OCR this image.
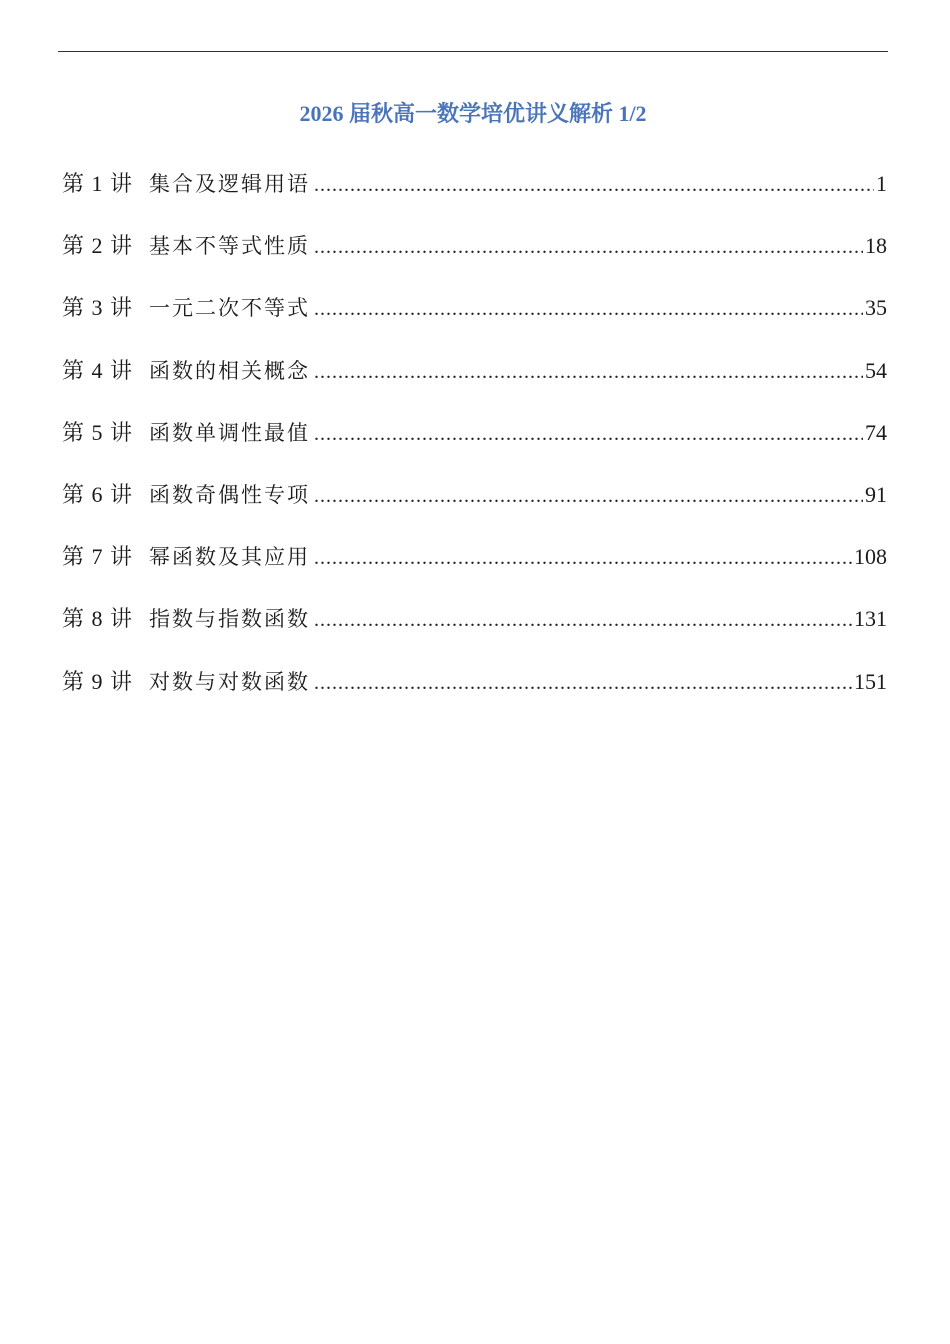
2026 届秋高一数学培优讲义解析 1/2
第 1 讲 集合及逻辑用语 .....	1
第 2 讲 基本不等式性质 .....	18
第 3 讲 一元二次不等式 .....	35
第 4 讲 函数的相关概念 .....	54
第 5 讲 函数单调性最值 .....	74
第 6 讲 函数奇偶性专项 .....	91
第 7 讲 幂函数及其应用 .....	108
第 8 讲 指数与指数函数 .....	131
第 9 讲 对数与对数函数 .....	151
